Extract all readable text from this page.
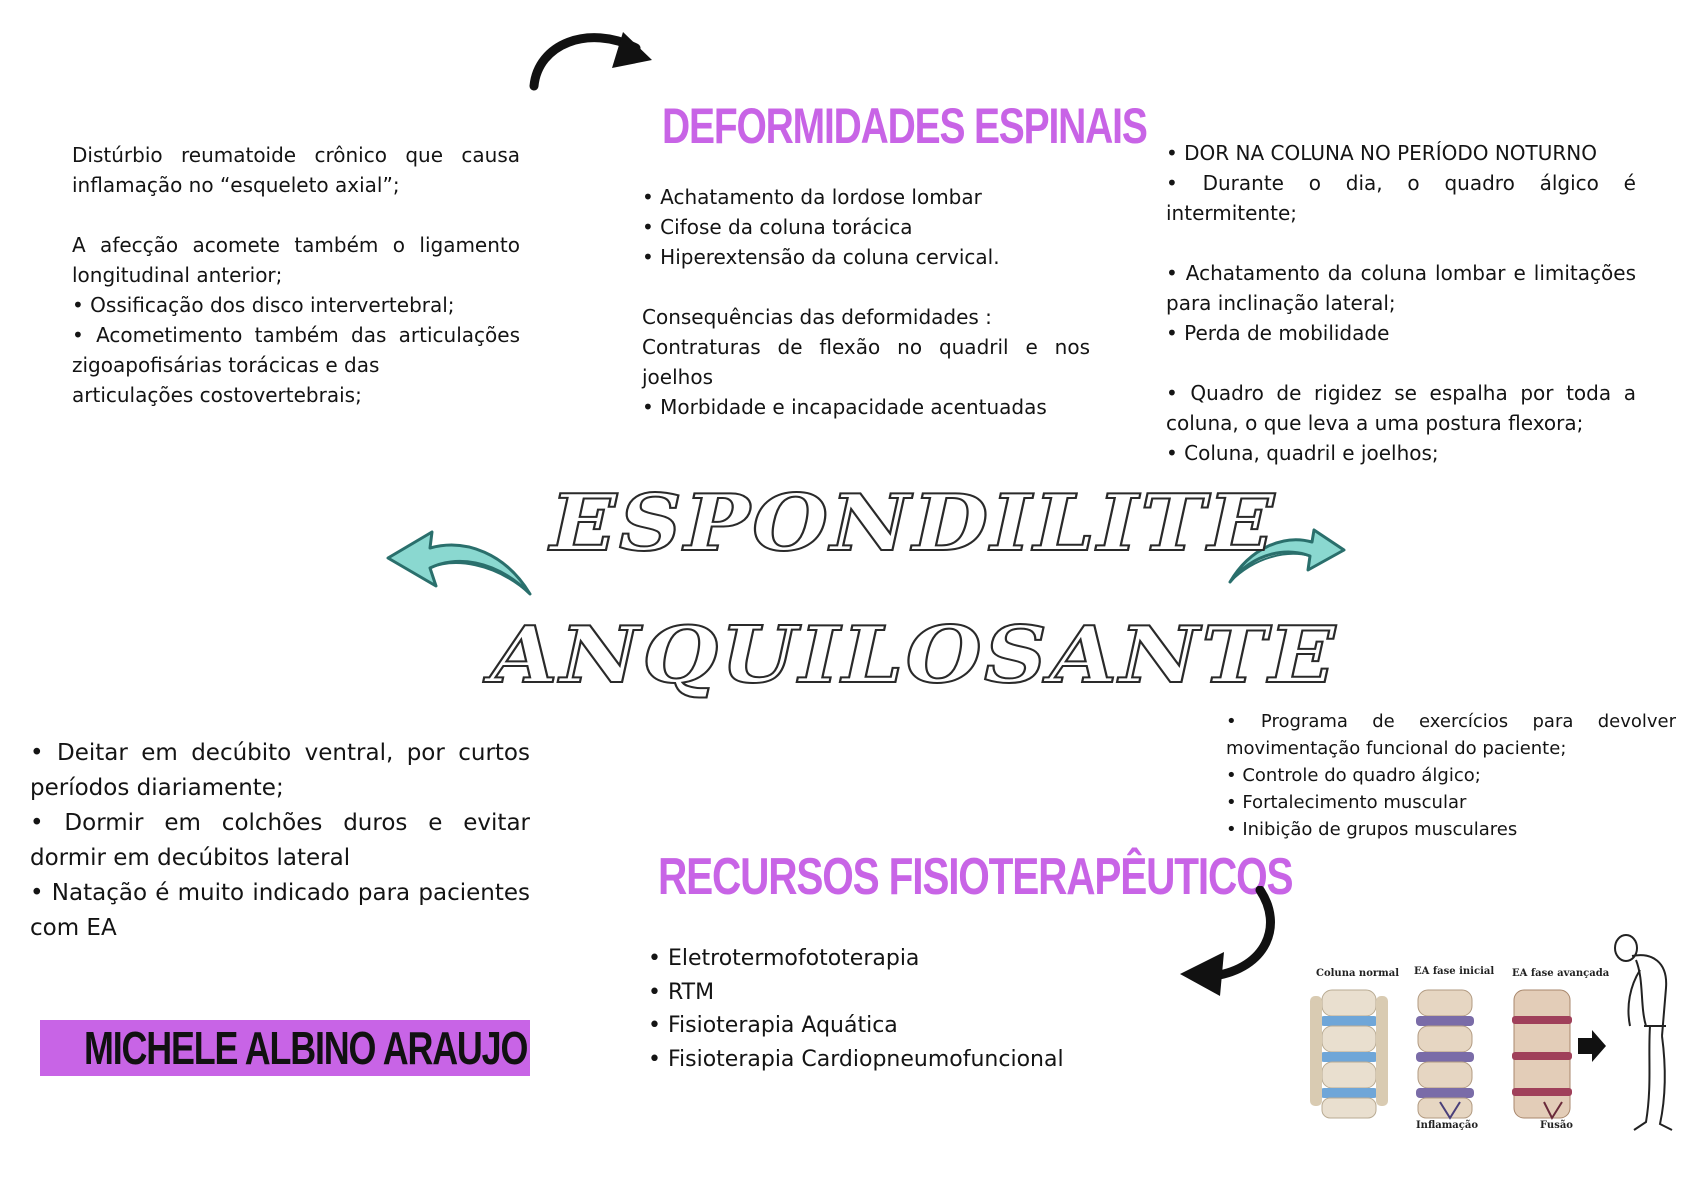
Distúrbio reumatoide crônico que causa inflamação no “esqueleto axial”;
A afecção acomete também o ligamento longitudinal anterior;
• Ossificação dos disco intervertebral;
• Acometimento também das articulações zigoapofisárias torácicas e das
articulações costovertebrais;
DEFORMIDADES ESPINAIS
• Achatamento da lordose lombar
• Cifose da coluna torácica
• Hiperextensão da coluna cervical.
Consequências das deformidades :
Contraturas de flexão no quadril e nos joelhos
• Morbidade e incapacidade acentuadas
• DOR NA COLUNA NO PERÍODO NOTURNO
• Durante o dia, o quadro álgico é intermitente;
• Achatamento da coluna lombar e limitações para inclinação lateral;
• Perda de mobilidade
• Quadro de rigidez se espalha por toda a coluna, o que leva a uma postura flexora;
• Coluna, quadril e joelhos;
ESPONDILITE
ANQUILOSANTE
• Deitar em decúbito ventral, por curtos períodos diariamente;
• Dormir em colchões duros e evitar dormir em decúbitos lateral
• Natação é muito indicado para pacientes com EA
• Programa de exercícios para devolver movimentação funcional do paciente;
• Controle do quadro álgico;
• Fortalecimento muscular
• Inibição de grupos musculares
RECURSOS FISIOTERAPÊUTICOS
• Eletrotermofototerapia
• RTM
• Fisioterapia Aquática
• Fisioterapia Cardiopneumofuncional
MICHELE ALBINO ARAUJO
Coluna normal EA fase inicial EA fase avançada
Inflamação	Fusão
